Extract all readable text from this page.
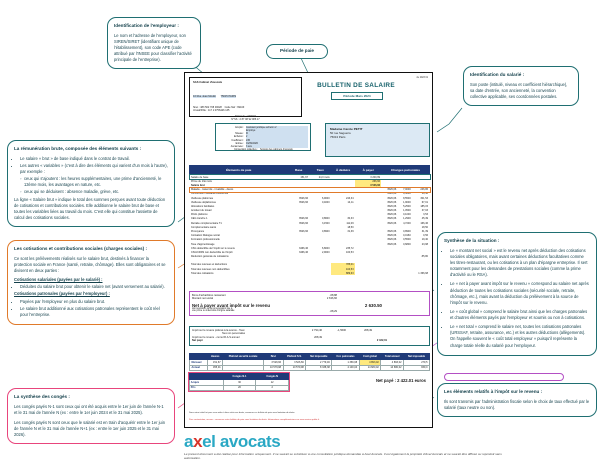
Identification de l'employeur :
Le nom et l'adresse de l'employeur, son SIREN/SIRET (identifiant unique de l'établissement), son code APE (code attribué par l'INSEE pour classifier l'activité principale de l'entreprise).
Période de paie
Identification du salarié :
Son poste (intitulé, niveau et coefficient hiérarchique), sa date d'entrée, son ancienneté, la convention collective applicable, ses coordonnées postales.
La rémunération brute, composée des éléments suivants :
• Le salaire « brut » de base indiqué dans le contrat de travail.
• Les autres « variables » (c'est à dire des éléments qui varient d'un mois à l'autre), par exemple :
◦ ceux qui s'ajoutent : les heures supplémentaires, une prime d'ancienneté, le 13ème mois, les avantages en nature, etc.
◦ ceux qui se déduisent : absence maladie, grève, etc.
La ligne « Salaire brut » indique le total des sommes perçues avant toute déduction de cotisations et contributions sociales. Elle additionne le salaire brut de base et toutes les variables liées au travail du mois. C'est elle qui constitue l'assiette de calcul des cotisations sociales.
Les cotisations et contributions sociales (charges sociales) :
Ce sont les prélèvements réalisés sur le salaire brut, destinés à financer la protection sociale en France (santé, retraite, chômage). Elles sont obligatoires et se divisent en deux parties :
Cotisations salariales (payées par le salarié) :
• Déduites du salaire brut pour obtenir le salaire net (avant versement au salarié).
Cotisations patronales (payées par l'employeur) :
• Payées par l'employeur en plus du salaire brut.
• Le salaire brut additionné aux cotisations patronales représentent le coût réel pour l'entreprise.
La synthèse des congés :
Les congés payés N-1 sont ceux qui ont été acquis entre le 1er juin de l'année N-1 et le 31 mai de l'année N (ex : entre le 1er juin 2024 et le 31 mai 2025).
Les congés payés N sont ceux que le salarié est en train d'acquérir entre le 1er juin de l'année N et le 31 mai de l'année N+1 (ex : entre le 1er juin 2025 et le 31 mai 2026).
Synthèse de la situation :
• Le « montant net social » est le revenu net après déduction des cotisations sociales obligatoires, mais avant certaines déductions facultatives comme les titres-restaurant, ou les cotisations à un plan d'épargne entreprise. Il sert notamment pour les demandes de prestations sociales (comme la prime d'activité ou le RSA).
• Le « net à payer avant impôt sur le revenu » correspond au salaire net après déduction de toutes les cotisations sociales (sécurité sociale, retraite, chômage, etc.), mais avant la déduction du prélèvement à la source de l'impôt sur le revenu.
• Le « coût global » comprend le salaire brut ainsi que les charges patronales et d'autres éléments payés par l'employeur et soumis ou non à cotisations.
• Le « net total » comprend le salaire net, toutes les cotisations patronales (URSSAF, retraite, assurance, etc.) et les autres déductions (allègements). On l'appelle souvent le « coût total employeur » puisqu'il représente la charge totale réelle du salarié pour l'employeur.
Les éléments relatifs à l'impôt sur le revenu :
Ils sont transmis par l'administration fiscale selon le choix de taux effectué par le salarié (taux neutre ou non).
2e 2023 01
SAS Cabinet d'avocats
10 Rue Jean Moulin 75015 PARIS
Siret : 483 502 708 00028 Code Naf : 6910Z
Urssaf/Pôle : 117 1 0756426 135
Matricule : 000007
N°SS : 2 87 08 92 086 17
BULLETIN DE SALAIRE
Période Mars 2024
Emploi : Assistant juridique échelon 2
Employé
Niveau : III
Echelon : 2
Coefficient : 245
Entrée : 01/09/2020
Ancienneté : 3 ans
Convention collective : Société des cabinets d'avocats
Madame Carole PETIT
50 rue Saguerre
75013 Paris
Éléments de paie	Base	Taux	À déduire	À payer	Charges patronales		
Salaire de base	151,67	24,0 mois		3 200,99			
Prime du 13è mois				266,66			
Salaire brut				3 526,66			
Maladie - maternité - invalidité - décès					3526,66	7,0000	246,86
Contribution Solidarité Autonomie					3526,66	0,3000	10,58
Vieillesse plafonnée	3526,66	6,9000	243,34		3526,66	8,5500	301,53
Vieillesse déplafonnée	3526,66	0,4000	14,11		3526,66	1,9000	67,01
Allocations familiales					3526,66	5,2500	185,15
Accident du travail					3526,66	1,0500	37,03
FNAL plafonné					3526,66	0,1000	3,53
CEG tranche 1	3526,66	0,8600	30,33		3526,66	1,2900	45,49
Retraite complémentaire T1	3526,66	3,1500	111,09		3526,66	4,7200	166,46
Complémentaire santé			18,50				18,50
Prévoyance	3526,66	0,8900	31,39		3526,66	0,8900	31,39
Cotisation Dialogue social					3526,66	0,0160	0,56
Formation professionnelle					3526,66	0,5500	19,40
Taxe d'apprentissage					3526,66	0,6800	23,98
CSG déductible de l'impôt sur le revenu	3466,46	6,8000	235,72				
CSG/CRDS non déductible de l'impôt	3466,46	2,9000	100,53				
Réduction générale de cotisations							-55,80

Total des retenues et déductions			785,01				
Total des retenues non déductibles			104,53				
Total des cotisations			889,63				1 366,68
Bons d'achat/titres restaurant	-68,88
Montant net social	2 636,66
Net à payer avant impôt sur le revenu	2 630.50
dont évolution de la rémunération liée à
une prime ou indemnité d'origine salariale	-68,29
Impôt sur le revenu prélevé à la source - Taux
Taux non personnalisé
2 794,46	-1,5600	208,49
Impôt sur le revenu - cumul R.A.S annuel	208,49
Net payé	2 422,01
	Heures	Plafond sécurité sociale	Brut	Plafond S.S.	Net imposable	Cot. patronales	Coût global	Total annuel	Net imposable
Mensuel	151,67		3 526,66	3 526,66	2 779,46	1 366,68	4 893,02	4 893,02	279,5
Annuel	455,01		10 579,98	10 579,98	8 338,38	4 100,04	14 680,02	14 680,02	839,0
	Congés N-1	Congés N
Acquis	30	12
Pris	20	2
Net payé : 2 422.01 euros
Dans votre intérêt et pour vous aider à faire valoir vos droits, conservez ce bulletin de paie sans limitation de durée.
Pour contestation, recours : conservez votre bulletin de paie sans limitation de durée. Informations complémentaires sur www.service-public.fr
axel avocats
Le présent document a été réalisé pour information uniquement. Il ne saurait se substituer à une consultation juridique demandée à Axel Avocats. Il est également la propriété d'Axel Avocats et ne saurait être diffusé ou reproduit sans autorisation.
